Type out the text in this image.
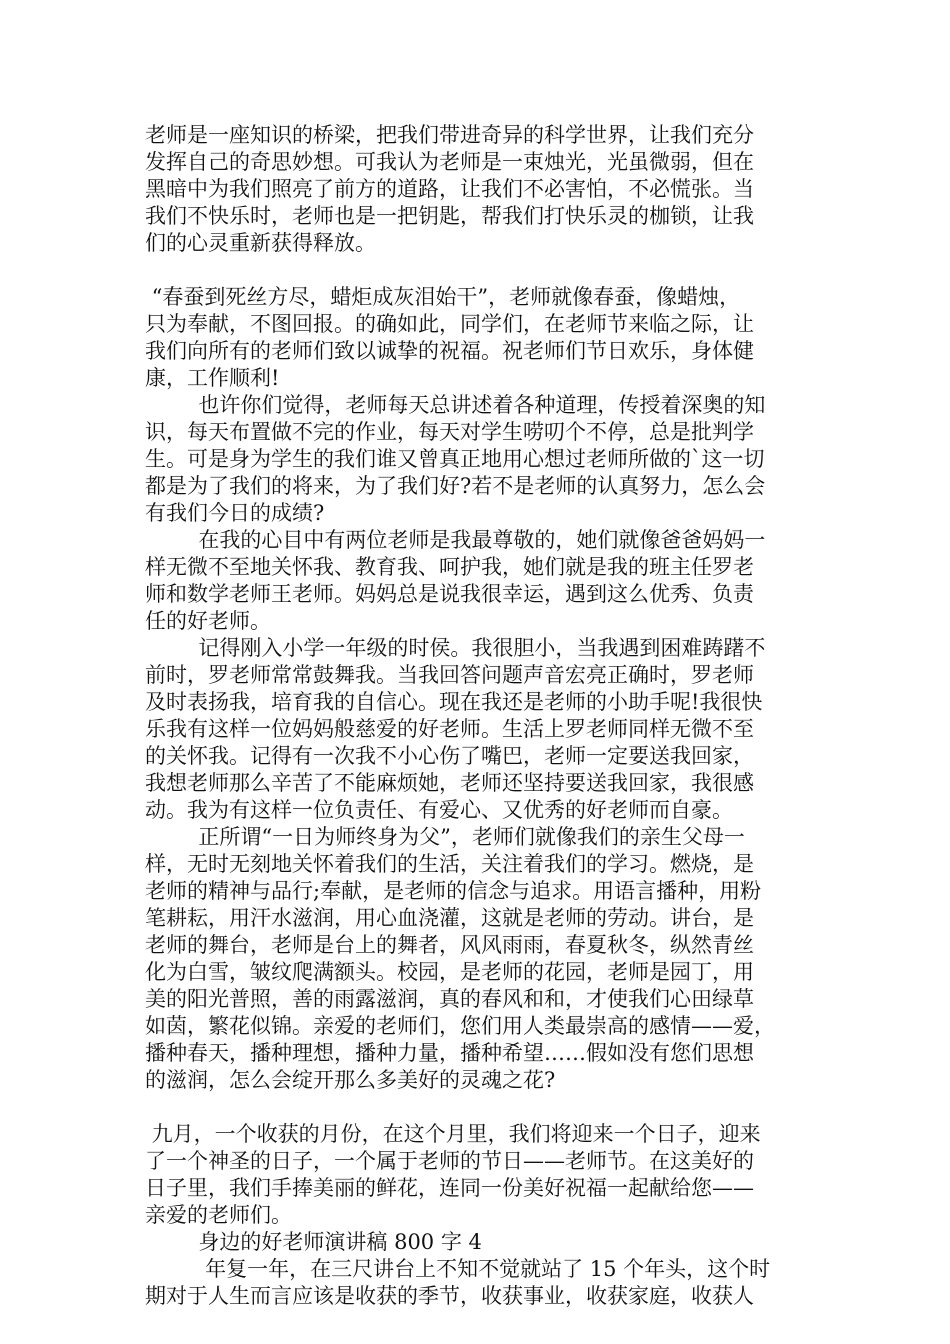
老师是一座知识的桥梁，把我们带进奇异的科学世界，让我们充分
发挥自己的奇思妙想。可我认为老师是一束烛光，光虽微弱，但在
黑暗中为我们照亮了前方的道路，让我们不必害怕，不必慌张。当
我们不快乐时，老师也是一把钥匙，帮我们打快乐灵的枷锁，让我
们的心灵重新获得释放。
“春蚕到死丝方尽，蜡炬成灰泪始干”，老师就像春蚕，像蜡烛，
只为奉献，不图回报。的确如此，同学们，在老师节来临之际，让
我们向所有的老师们致以诚挚的祝福。祝老师们节日欢乐，身体健
康，工作顺利!
也许你们觉得，老师每天总讲述着各种道理，传授着深奥的知
识，每天布置做不完的作业，每天对学生唠叨个不停，总是批判学
生。可是身为学生的我们谁又曾真正地用心想过老师所做的`这一切
都是为了我们的将来，为了我们好?若不是老师的认真努力，怎么会
有我们今日的成绩?
在我的心目中有两位老师是我最尊敬的，她们就像爸爸妈妈一
样无微不至地关怀我、教育我、呵护我，她们就是我的班主任罗老
师和数学老师王老师。妈妈总是说我很幸运，遇到这么优秀、负责
任的好老师。
记得刚入小学一年级的时侯。我很胆小，当我遇到困难踌躇不
前时，罗老师常常鼓舞我。当我回答问题声音宏亮正确时，罗老师
及时表扬我，培育我的自信心。现在我还是老师的小助手呢!我很快
乐我有这样一位妈妈般慈爱的好老师。生活上罗老师同样无微不至
的关怀我。记得有一次我不小心伤了嘴巴，老师一定要送我回家，
我想老师那么辛苦了不能麻烦她，老师还坚持要送我回家，我很感
动。我为有这样一位负责任、有爱心、又优秀的好老师而自豪。
正所谓“一日为师终身为父”，老师们就像我们的亲生父母一
样，无时无刻地关怀着我们的生活，关注着我们的学习。燃烧，是
老师的精神与品行;奉献，是老师的信念与追求。用语言播种，用粉
笔耕耘，用汗水滋润，用心血浇灌，这就是老师的劳动。讲台，是
老师的舞台，老师是台上的舞者，风风雨雨，春夏秋冬，纵然青丝
化为白雪，皱纹爬满额头。校园，是老师的花园，老师是园丁，用
美的阳光普照，善的雨露滋润，真的春风和和，才使我们心田绿草
如茵，繁花似锦。亲爱的老师们，您们用人类最崇高的感情——爱，
播种春天，播种理想，播种力量，播种希望……假如没有您们思想
的滋润，怎么会绽开那么多美好的灵魂之花?
九月，一个收获的月份，在这个月里，我们将迎来一个日子，迎来
了一个神圣的日子，一个属于老师的节日——老师节。在这美好的
日子里，我们手捧美丽的鲜花，连同一份美好祝福一起献给您——
亲爱的老师们。
身边的好老师演讲稿 800 字 4
年复一年，在三尺讲台上不知不觉就站了 15 个年头，这个时
期对于人生而言应该是收获的季节，收获事业，收获家庭，收获人
